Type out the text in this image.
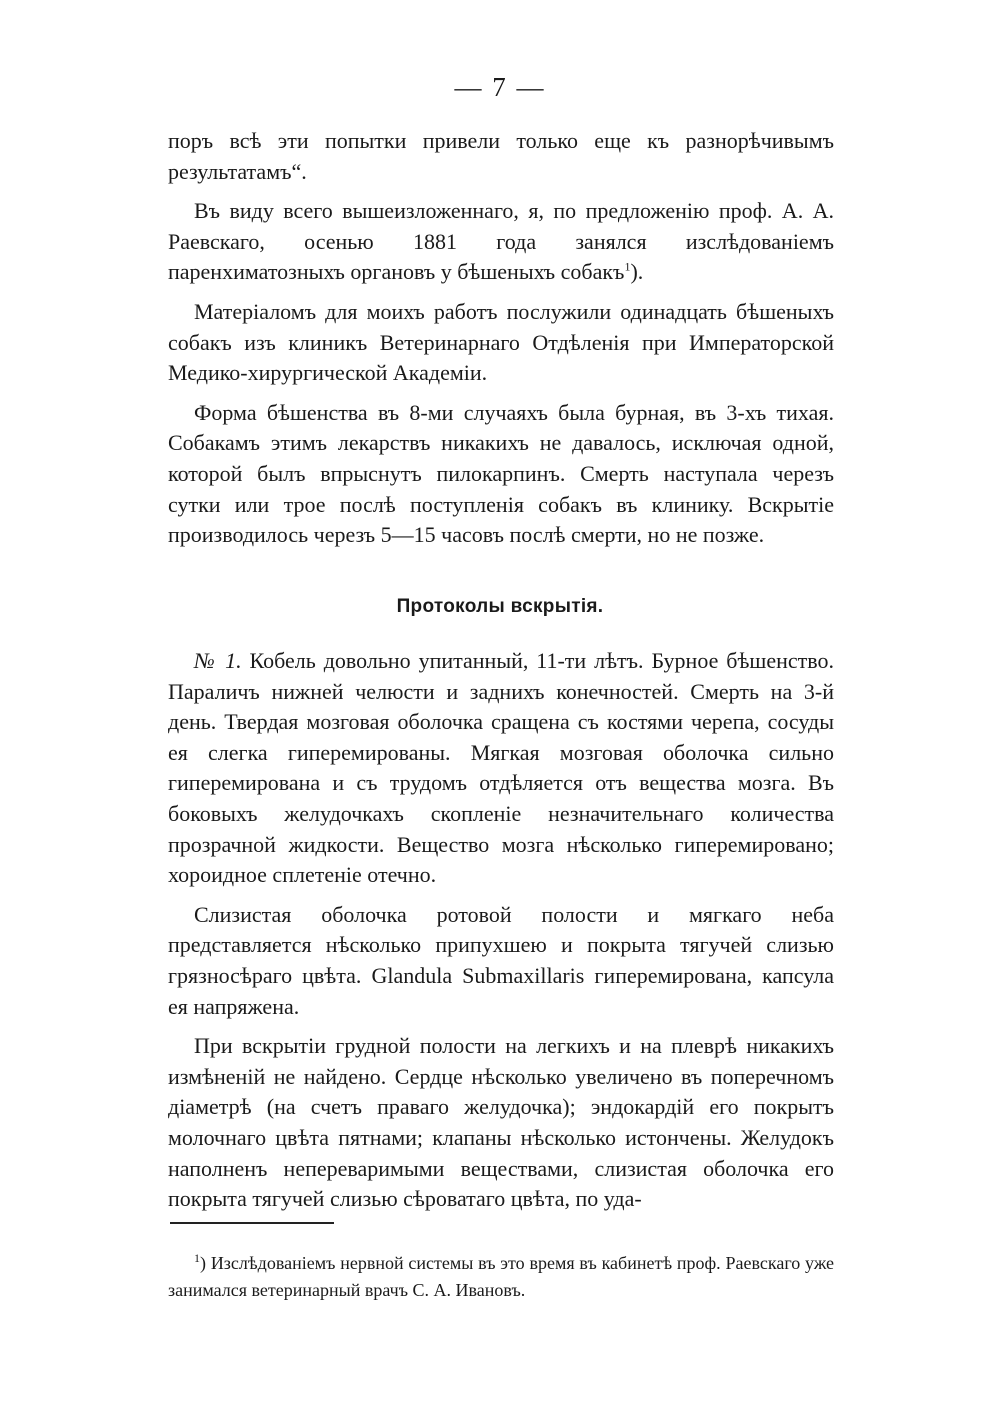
— 7 —

поръ всѣ эти попытки привели только еще къ разнорѣчивымъ результатамъ“.

Въ виду всего вышеизложеннаго, я, по предложенію проф. А. А. Раевскаго, осенью 1881 года занялся изслѣдованіемъ паренхиматозныхъ органовъ у бѣшеныхъ собакъ$^1$).

Матеріаломъ для моихъ работъ послужили одинадцать бѣшеныхъ собакъ изъ клиникъ Ветеринарнаго Отдѣленія при Императорской Медико-хирургической Академіи.

Форма бѣшенства въ 8-ми случаяхъ была бурная, въ 3-хъ тихая. Собакамъ этимъ лекарствъ никакихъ не давалось, исключая одной, которой былъ впрыснутъ пилокарпинъ. Смерть наступала черезъ сутки или трое послѣ поступленія собакъ въ клинику. Вскрытіе производилось черезъ 5—15 часовъ послѣ смерти, но не позже.

Протоколы вскрытія.

№ 1. Кобель довольно упитанный, 11-ти лѣтъ. Бурное бѣшенство. Параличъ нижней челюсти и заднихъ конечностей. Смерть на 3-й день. Твердая мозговая оболочка сращена съ костями черепа, сосуды ея слегка гиперемированы. Мягкая мозговая оболочка сильно гиперемирована и съ трудомъ отдѣляется отъ вещества мозга. Въ боковыхъ желудочкахъ скопленіе незначительнаго количества прозрачной жидкости. Вещество мозга нѣсколько гиперемировано; хороидное сплетеніе отечно.

Слизистая оболочка ротовой полости и мягкаго неба представляется нѣсколько припухшею и покрыта тягучей слизью грязносѣраго цвѣта. Glandula Submaxillaris гиперемирована, капсула ея напряжена.

При вскрытіи грудной полости на легкихъ и на плеврѣ никакихъ измѣненій не найдено. Сердце нѣсколько увеличено въ поперечномъ діаметрѣ (на счетъ праваго желудочка); эндокардій его покрытъ молочнаго цвѣта пятнами; клапаны нѣсколько истончены. Желудокъ наполненъ непереваримыми веществами, слизистая оболочка его покрыта тягучей слизью сѣроватаго цвѣта, по уда-

$^1$) Изслѣдованіемъ нервной системы въ это время въ кабинетѣ проф. Раевскаго уже занимался ветеринарный врачъ С. А. Ивановъ.
